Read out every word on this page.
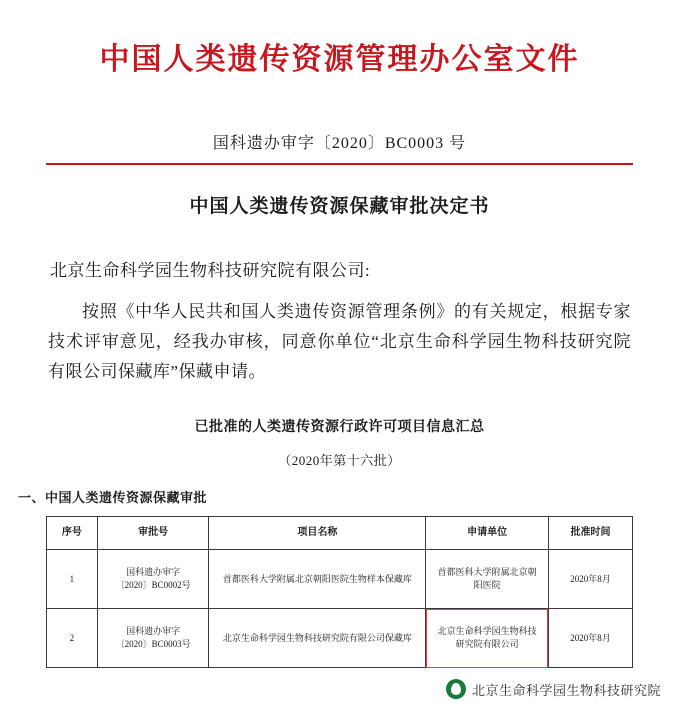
中国人类遗传资源管理办公室文件
国科遗办审字〔2020〕BC0003 号
中国人类遗传资源保藏审批决定书
北京生命科学园生物科技研究院有限公司:
按照《中华人民共和国人类遗传资源管理条例》的有关规定，根据专家技术评审意见，经我办审核，同意你单位“北京生命科学园生物科技研究院有限公司保藏库”保藏申请。
已批准的人类遗传资源行政许可项目信息汇总
（2020年第十六批）
一、中国人类遗传资源保藏审批
序号	审批号	项目名称	申请单位	批准时间
1	国科遗办审字
〔2020〕BC0002号	首都医科大学附属北京朝阳医院生物样本保藏库	首都医科大学附属北京朝
阳医院	2020年8月
2	国科遗办审字
〔2020〕BC0003号	北京生命科学园生物科技研究院有限公司保藏库	北京生命科学园生物科技
研究院有限公司	2020年8月
北京生命科学园生物科技研究院
